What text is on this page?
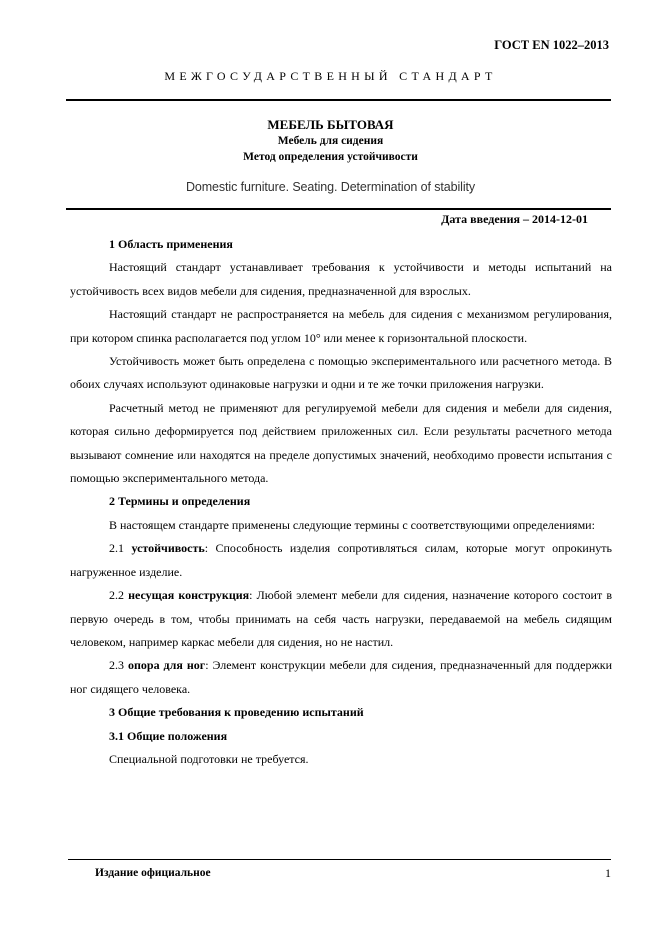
ГОСТ EN 1022–2013
МЕЖГОСУДАРСТВЕННЫЙ СТАНДАРТ
МЕБЕЛЬ БЫТОВАЯ
Мебель для сидения
Метод определения устойчивости
Domestic furniture. Seating. Determination of stability
Дата введения – 2014-12-01

1 Область применения

Настоящий стандарт устанавливает требования к устойчивости и методы испытаний на устойчивость всех видов мебели для сидения, предназначенной для взрослых.

Настоящий стандарт не распространяется на мебель для сидения с механизмом регулирования, при котором спинка располагается под углом 10° или менее к горизонтальной плоскости.

Устойчивость может быть определена с помощью экспериментального или расчетного метода. В обоих случаях используют одинаковые нагрузки и одни и те же точки приложения нагрузки.

Расчетный метод не применяют для регулируемой мебели для сидения и мебели для сидения, которая сильно деформируется под действием приложенных сил. Если результаты расчетного метода вызывают сомнение или находятся на пределе допустимых значений, необходимо провести испытания с помощью экспериментального метода.

2 Термины и определения

В настоящем стандарте применены следующие термины с соответствующими определениями:

2.1 устойчивость: Способность изделия сопротивляться силам, которые могут опрокинуть нагруженное изделие.

2.2 несущая конструкция: Любой элемент мебели для сидения, назначение которого состоит в первую очередь в том, чтобы принимать на себя часть нагрузки, передаваемой на мебель сидящим человеком, например каркас мебели для сидения, но не настил.

2.3 опора для ног: Элемент конструкции мебели для сидения, предназначенный для поддержки ног сидящего человека.

3 Общие требования к проведению испытаний

3.1 Общие положения

Специальной подготовки не требуется.

Издание официальное	1
